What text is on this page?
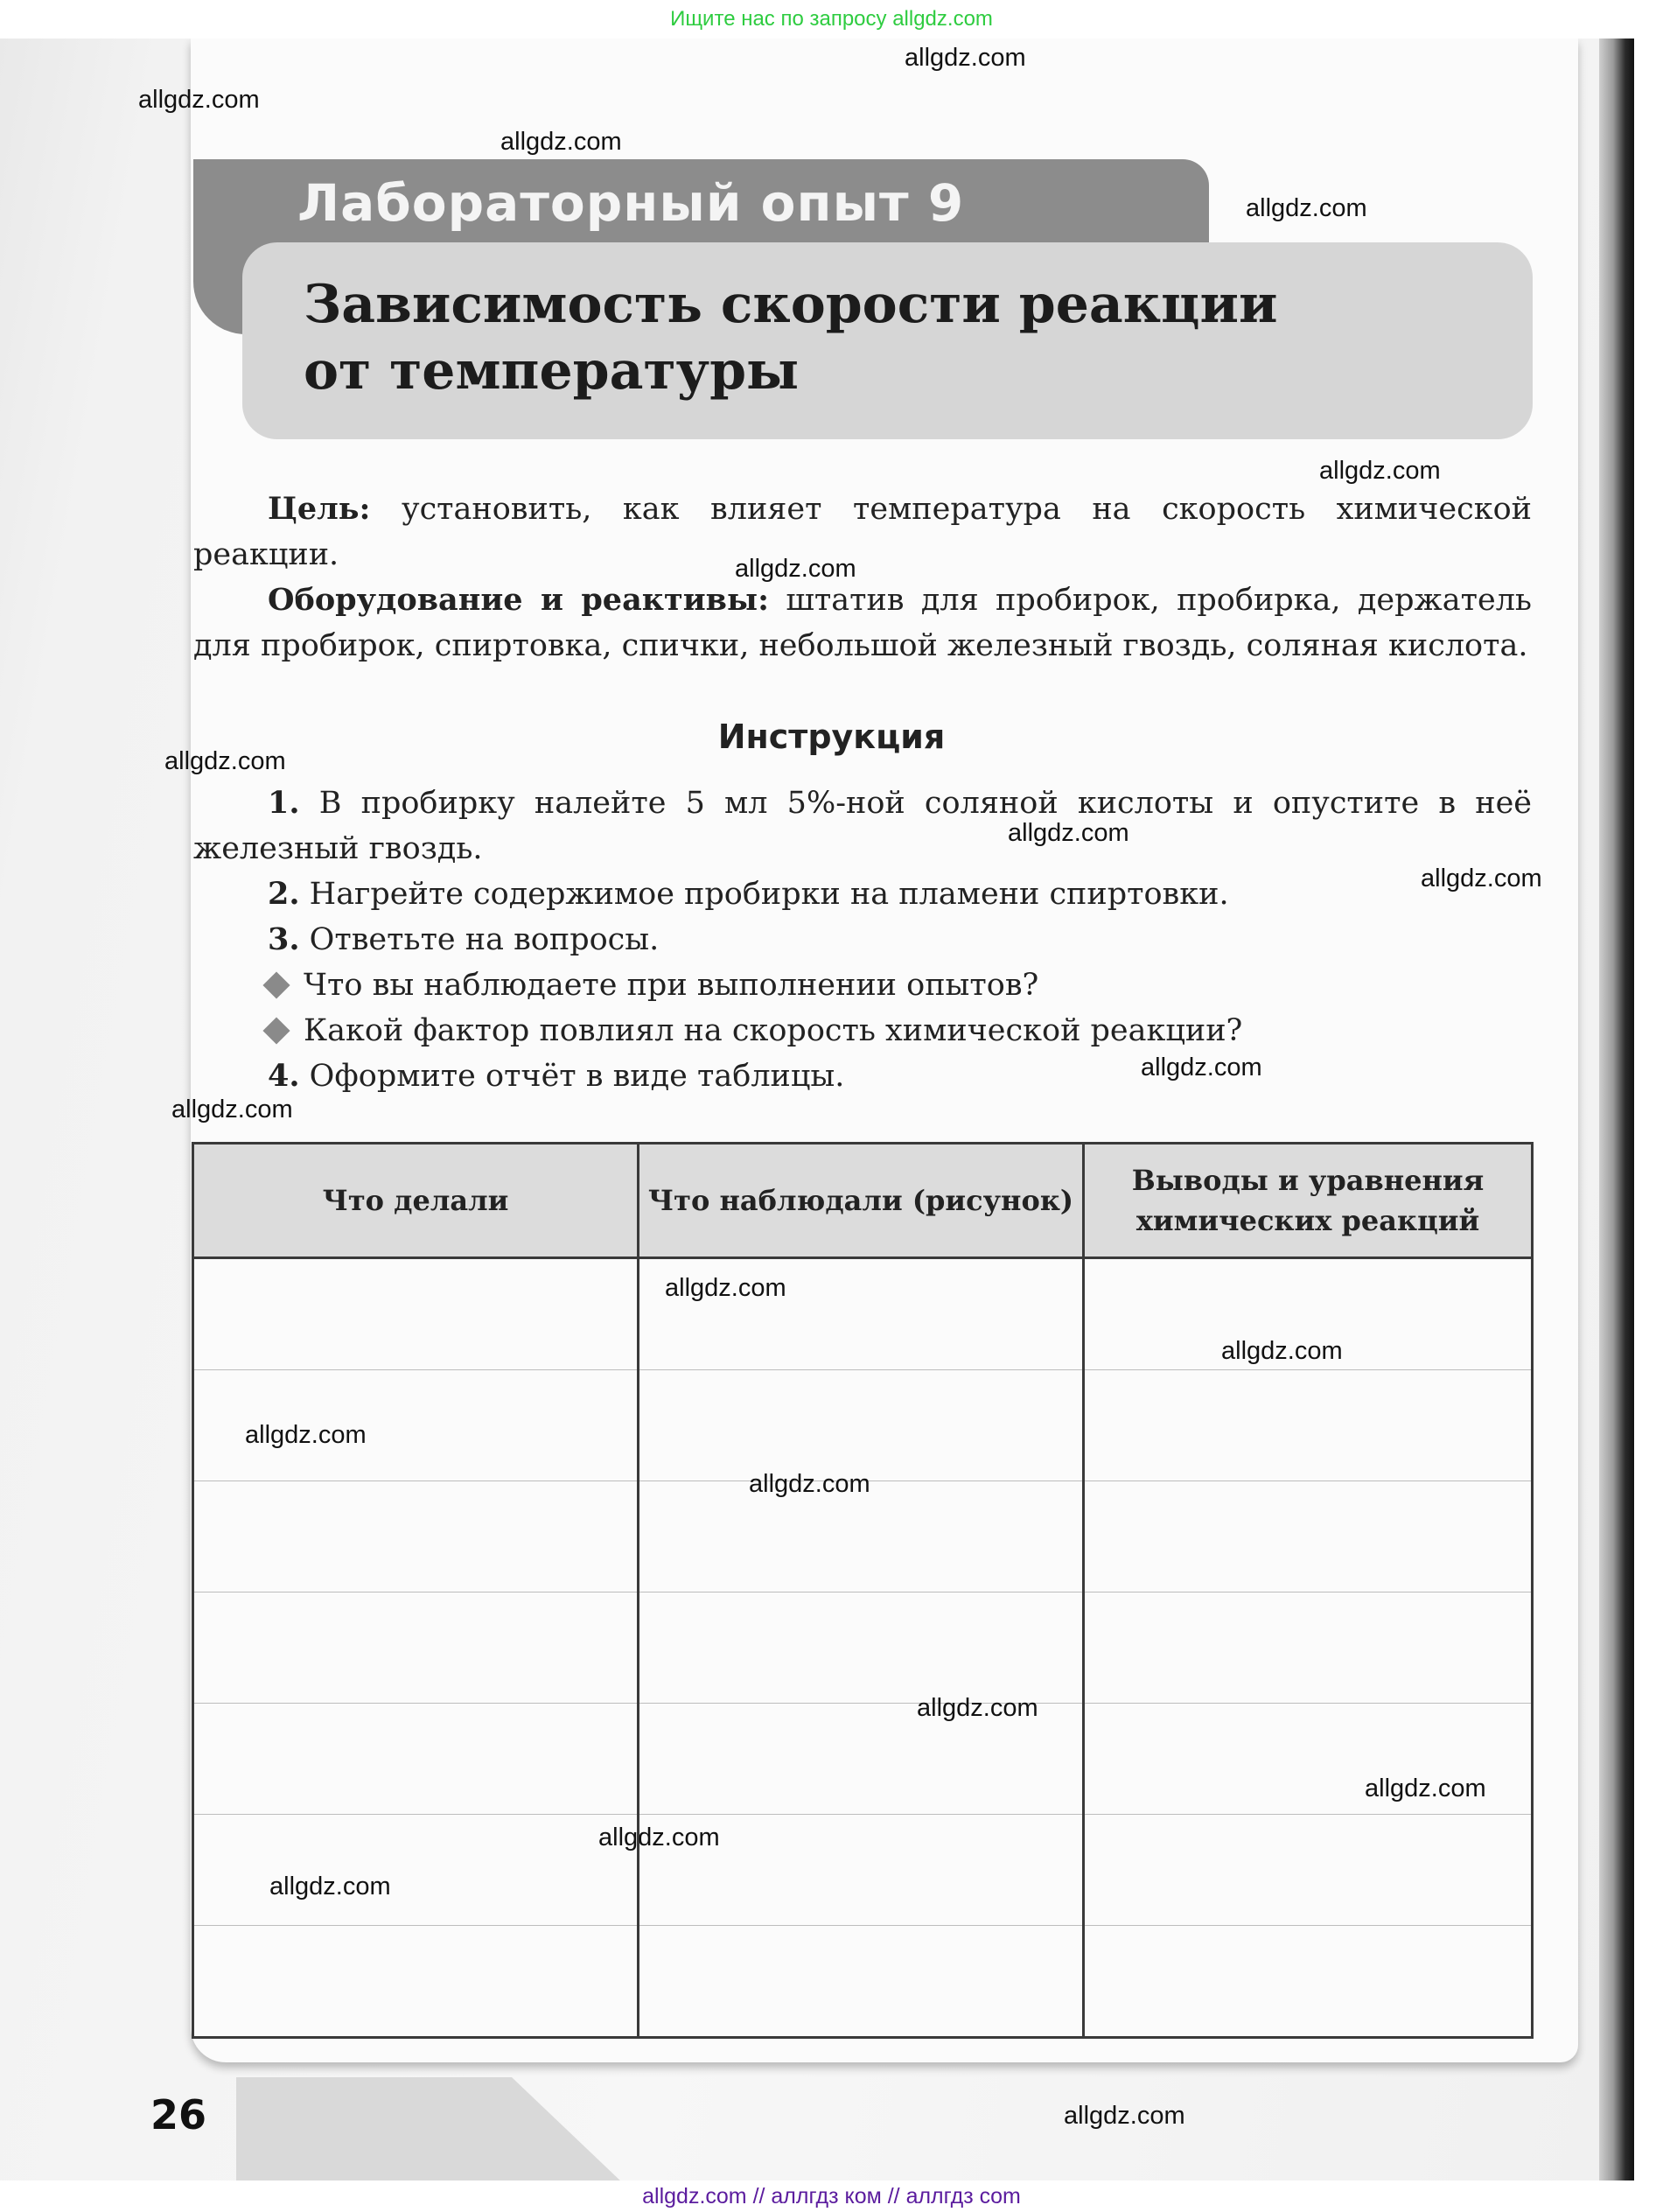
Ищите нас по запросу allgdz.com
Лабораторный опыт 9
Зависимость скорости реакции
от температуры
Цель: установить, как влияет температура на скорость химической реакции.
Оборудование и реактивы: штатив для пробирок, пробирка, держатель для пробирок, спиртовка, спички, небольшой железный гвоздь, соляная кислота.
Инструкция
1. В пробирку налейте 5 мл 5%-ной соляной кислоты и опустите в неё железный гвоздь.
2. Нагрейте содержимое пробирки на пламени спиртовки.
3. Ответьте на вопросы.
Что вы наблюдаете при выполнении опытов?
Какой фактор повлиял на скорость химической реакции?
4. Оформите отчёт в виде таблицы.
Что делали	Что наблюдали (рисунок)	Выводы и уравнения химических реакций

26
allgdz.com
allgdz.com
allgdz.com
allgdz.com
allgdz.com
allgdz.com
allgdz.com
allgdz.com
allgdz.com
allgdz.com
allgdz.com
allgdz.com
allgdz.com
allgdz.com
allgdz.com
allgdz.com
allgdz.com
allgdz.com
allgdz.com
allgdz.com
allgdz.com // аллгдз ком // аллгдз com
